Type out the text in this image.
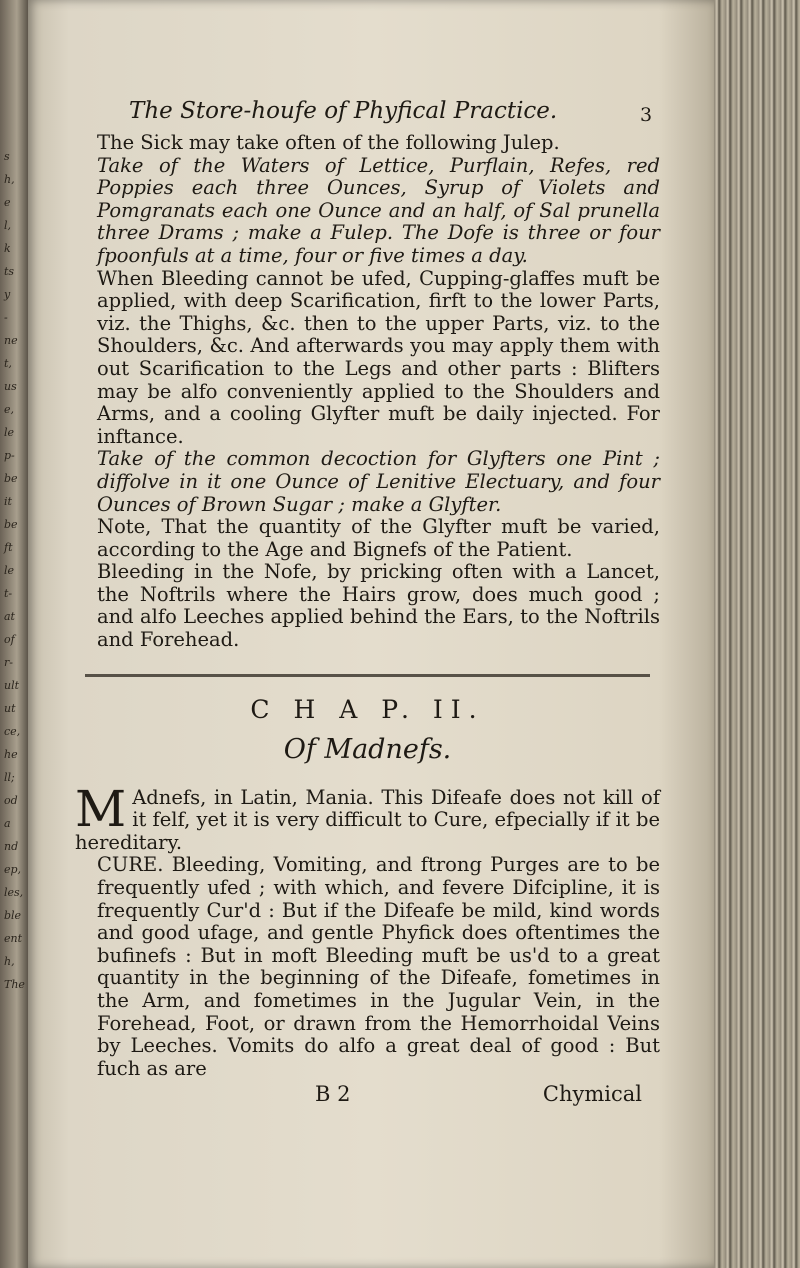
s
h,
e
l,
k
ts
y
-
ne
t,
us
e,
le
p-
be
it
be
ft
le
t-
at
of
r-
ult
ut
ce,
he
ll;
od
a
nd
ep,
les,
ble
ent
h,
The
The Store-houfe of Phyfical Practice.	3

The Sick may take often of the following Julep.

Take of the Waters of Lettice, Purflain, Refes, red Poppies each three Ounces, Syrup of Violets and Pomgranats each one Ounce and an half, of Sal prunella three Drams ; make a Fulep. The Dofe is three or four fpoonfuls at a time, four or five times a day.

When Bleeding cannot be ufed, Cupping-glaffes muft be applied, with deep Scarification, firft to the lower Parts, viz. the Thighs, &c. then to the upper Parts, viz. to the Shoulders, &c. And afterwards you may apply them with out Scarification to the Legs and other parts : Blifters may be alfo conveniently applied to the Shoulders and Arms, and a cooling Glyfter muft be daily injected. For inftance.

Take of the common decoction for Glyfters one Pint ; diffolve in it one Ounce of Lenitive Electuary, and four Ounces of Brown Sugar ; make a Glyfter.

Note, That the quantity of the Glyfter muft be varied, according to the Age and Bignefs of the Patient.

Bleeding in the Nofe, by pricking often with a Lancet, the Noftrils where the Hairs grow, does much good ; and alfo Leeches applied behind the Ears, to the Noftrils and Forehead.

C H A P. II.
Of Madnefs.

M Adnefs, in Latin, Mania. This Difeafe does not kill of it felf, yet it is very difficult to Cure, efpecially if it be hereditary.

CURE. Bleeding, Vomiting, and ftrong Purges are to be frequently ufed ; with which, and fevere Difcipline, it is frequently Cur'd : But if the Difeafe be mild, kind words and good ufage, and gentle Phyfick does oftentimes the bufinefs : But in moft Bleeding muft be us'd to a great quantity in the beginning of the Difeafe, fometimes in the Arm, and fometimes in the Jugular Vein, in the Forehead, Foot, or drawn from the Hemorrhoidal Veins by Leeches. Vomits do alfo a great deal of good : But fuch as are

B 2	Chymical
